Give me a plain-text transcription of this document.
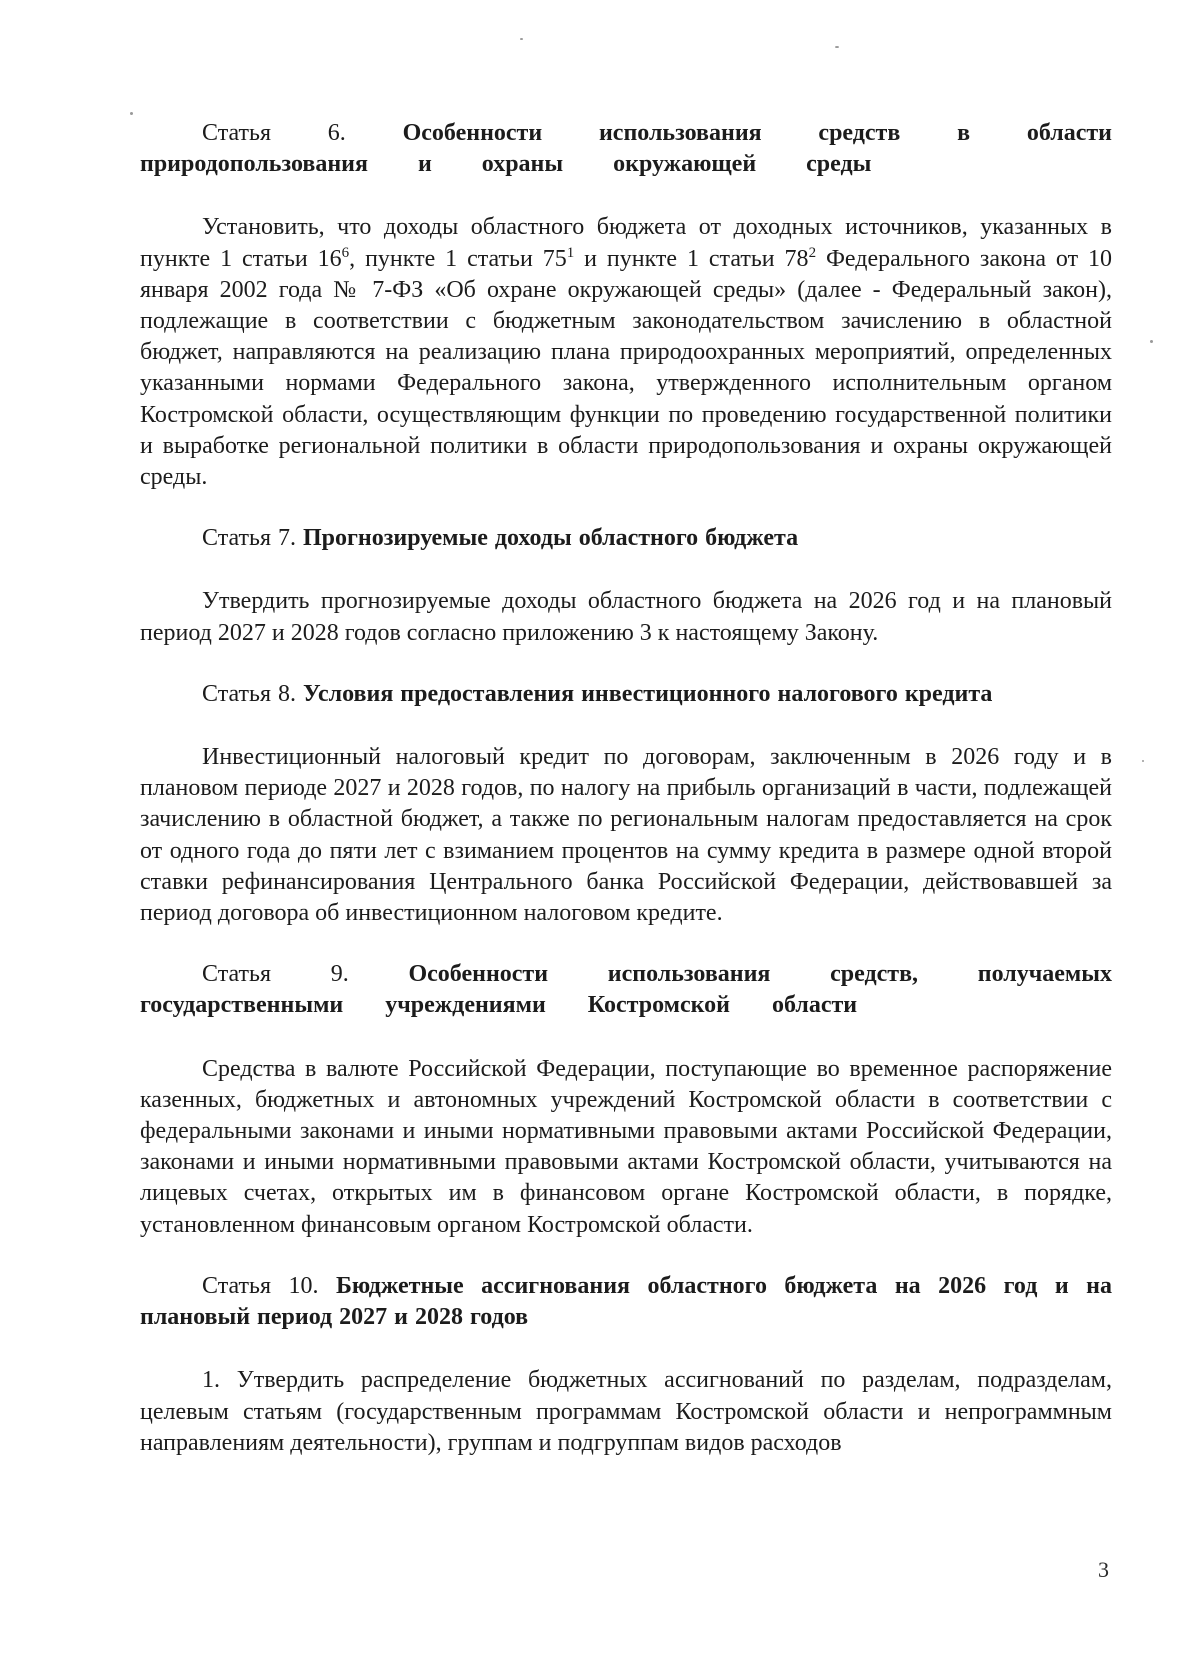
Статья 6. Особенности использования средств в области природопользования и охраны окружающей среды

Установить, что доходы областного бюджета от доходных источников, указанных в пункте 1 статьи $16^6$, пункте 1 статьи $75^1$ и пункте 1 статьи $78^2$ Федерального закона от 10 января 2002 года № 7-ФЗ «Об охране окружающей среды» (далее - Федеральный закон), подлежащие в соответствии с бюджетным законодательством зачислению в областной бюджет, направляются на реализацию плана природоохранных мероприятий, определенных указанными нормами Федерального закона, утвержденного исполнительным органом Костромской области, осуществляющим функции по проведению государственной политики и выработке региональной политики в области природопользования и охраны окружающей среды.

Статья 7. Прогнозируемые доходы областного бюджета

Утвердить прогнозируемые доходы областного бюджета на 2026 год и на плановый период 2027 и 2028 годов согласно приложению 3 к настоящему Закону.

Статья 8. Условия предоставления инвестиционного налогового кредита

Инвестиционный налоговый кредит по договорам, заключенным в 2026 году и в плановом периоде 2027 и 2028 годов, по налогу на прибыль организаций в части, подлежащей зачислению в областной бюджет, а также по региональным налогам предоставляется на срок от одного года до пяти лет с взиманием процентов на сумму кредита в размере одной второй ставки рефинансирования Центрального банка Российской Федерации, действовавшей за период договора об инвестиционном налоговом кредите.

Статья 9. Особенности использования средств, получаемых государственными учреждениями Костромской области

Средства в валюте Российской Федерации, поступающие во временное распоряжение казенных, бюджетных и автономных учреждений Костромской области в соответствии с федеральными законами и иными нормативными правовыми актами Российской Федерации, законами и иными нормативными правовыми актами Костромской области, учитываются на лицевых счетах, открытых им в финансовом органе Костромской области, в порядке, установленном финансовым органом Костромской области.

Статья 10. Бюджетные ассигнования областного бюджета на 2026 год и на плановый период 2027 и 2028 годов

1. Утвердить распределение бюджетных ассигнований по разделам, подразделам, целевым статьям (государственным программам Костромской области и непрограммным направлениям деятельности), группам и подгруппам видов расходов

3
